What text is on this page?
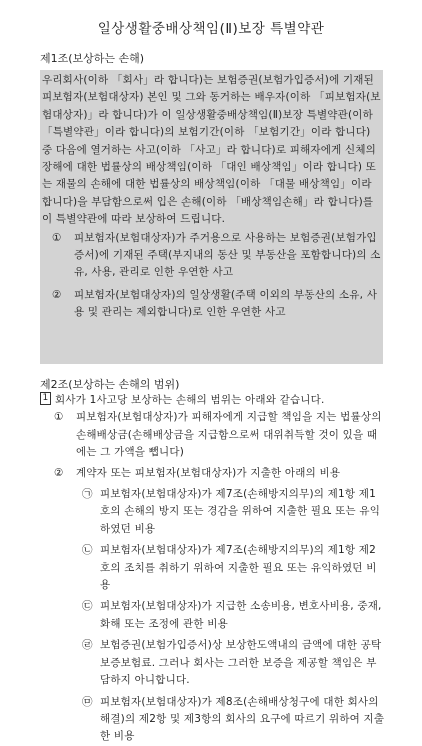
일상생활중배상책임(Ⅱ)보장 특별약관
제1조(보상하는 손해)

우리회사(이하 「회사」라 합니다)는 보험증권(보험가입증서)에 기재된 피보험자(보험대상자) 본인 및 그와 동거하는 배우자(이하 「피보험자(보험대상자)」라 합니다)가 이 일상생활중배상책임(Ⅱ)보장 특별약관(이하 「특별약관」이라 합니다)의 보험기간(이하 「보험기간」이라 합니다) 중 다음에 열거하는 사고(이하 「사고」라 합니다)로 피해자에게 신체의 장해에 대한 법률상의 배상책임(이하 「대인 배상책임」이라 합니다) 또는 재물의 손해에 대한 법률상의 배상책임(이하 「대물 배상책임」이라 합니다)을 부담함으로써 입은 손해(이하 「배상책임손해」라 합니다)를 이 특별약관에 따라 보상하여 드립니다.

① 피보험자(보험대상자)가 주거용으로 사용하는 보험증권(보험가입증서)에 기재된 주택(부지내의 동산 및 부동산을 포함합니다)의 소유, 사용, 관리로 인한 우연한 사고
② 피보험자(보험대상자)의 일상생활(주택 이외의 부동산의 소유, 사용 및 관리는 제외합니다)로 인한 우연한 사고
제2조(보상하는 손해의 범위)

1 회사가 1사고당 보상하는 손해의 범위는 아래와 같습니다.

① 피보험자(보험대상자)가 피해자에게 지급할 책임을 지는 법률상의 손해배상금(손해배상금을 지급함으로써 대위취득할 것이 있을 때에는 그 가액을 뺍니다)

② 계약자 또는 피보험자(보험대상자)가 지출한 아래의 비용

㉠ 피보험자(보험대상자)가 제7조(손해방지의무)의 제1항 제1호의 손해의 방지 또는 경감을 위하여 지출한 필요 또는 유익하였던 비용

㉡ 피보험자(보험대상자)가 제7조(손해방지의무)의 제1항 제2호의 조치를 취하기 위하여 지출한 필요 또는 유익하였던 비용

㉢ 피보험자(보험대상자)가 지급한 소송비용, 변호사비용, 중재, 화해 또는 조정에 관한 비용

㉣ 보험증권(보험가입증서)상 보상한도액내의 금액에 대한 공탁보증보험료. 그러나 회사는 그러한 보증을 제공할 책임은 부담하지 아니합니다.

㉤ 피보험자(보험대상자)가 제8조(손해배상청구에 대한 회사의 해결)의 제2항 및 제3항의 회사의 요구에 따르기 위하여 지출한 비용
